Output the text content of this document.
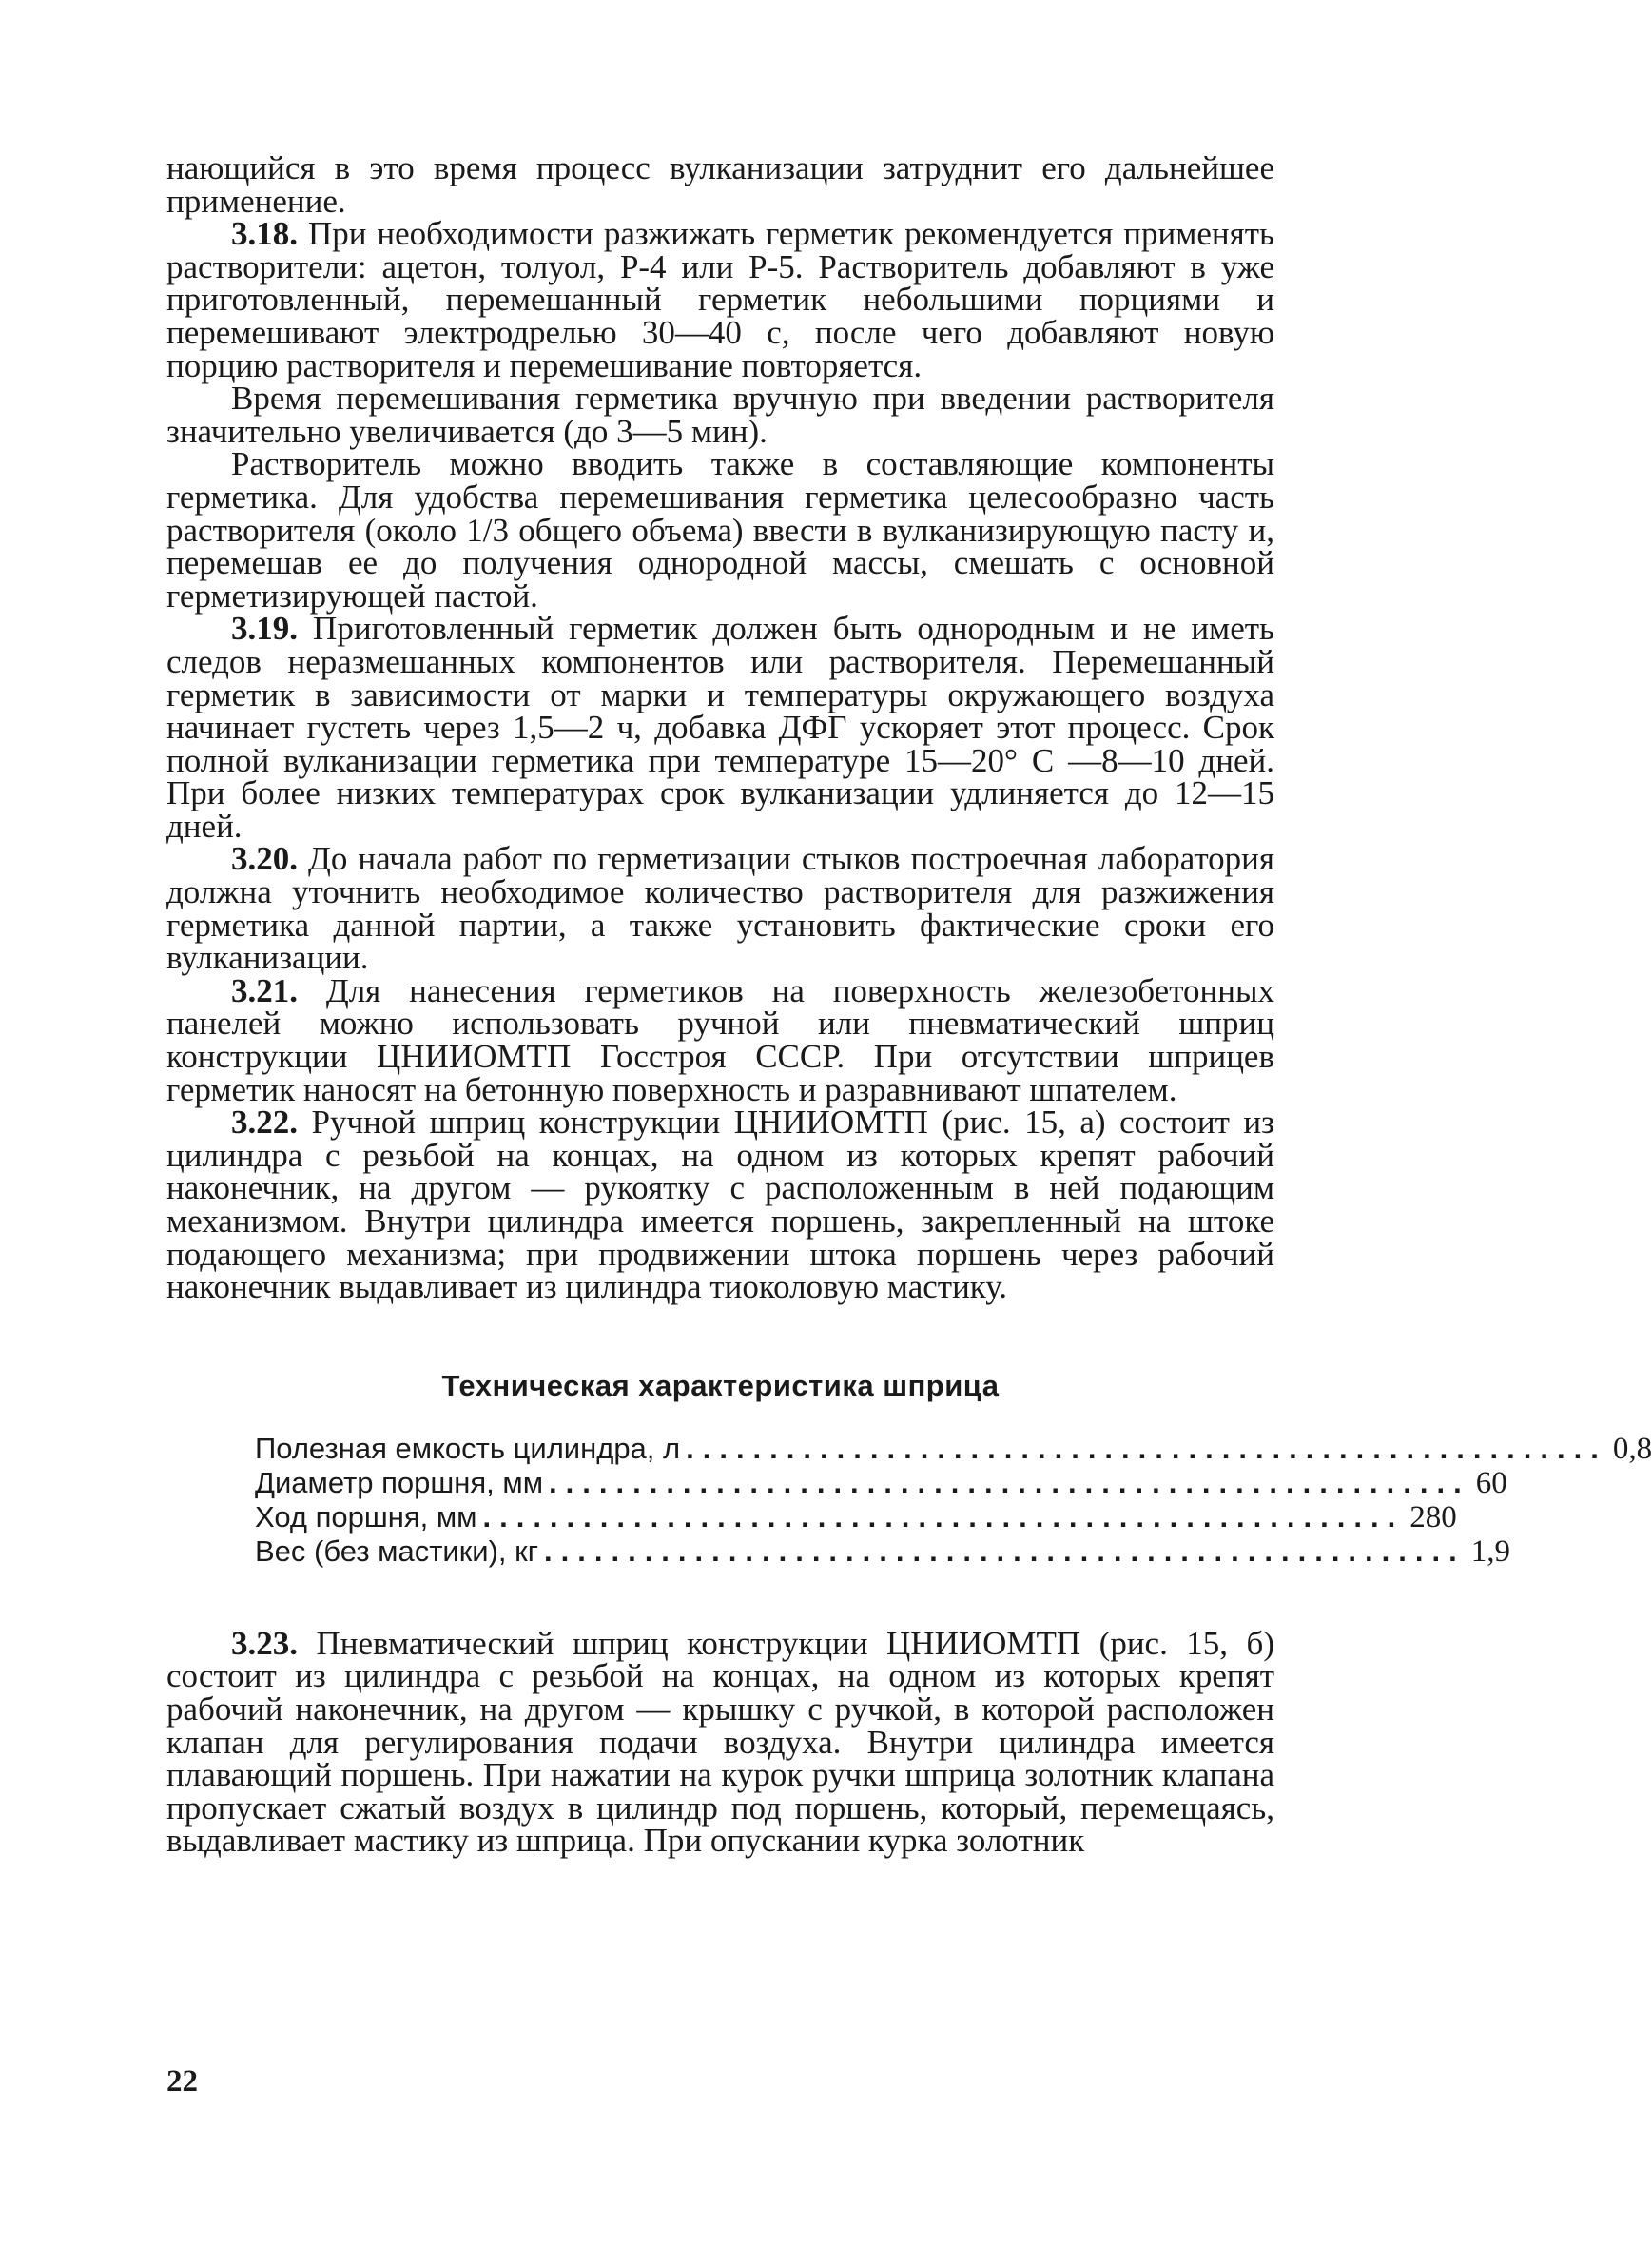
нающийся в это время процесс вулканизации затруднит его дальнейшее применение.

3.18. При необходимости разжижать герметик рекомендуется применять растворители: ацетон, толуол, Р-4 или Р-5. Растворитель добавляют в уже приготовленный, перемешанный герметик небольшими порциями и перемешивают электродрелью 30—40 с, после чего добавляют новую порцию растворителя и перемешивание повторяется.

Время перемешивания герметика вручную при введении растворителя значительно увеличивается (до 3—5 мин).

Растворитель можно вводить также в составляющие компоненты герметика. Для удобства перемешивания герметика целесообразно часть растворителя (около 1/3 общего объема) ввести в вулканизирующую пасту и, перемешав ее до получения однородной массы, смешать с основной герметизирующей пастой.

3.19. Приготовленный герметик должен быть однородным и не иметь следов неразмешанных компонентов или растворителя. Перемешанный герметик в зависимости от марки и температуры окружающего воздуха начинает густеть через 1,5—2 ч, добавка ДФГ ускоряет этот процесс. Срок полной вулканизации герметика при температуре 15—20° С —8—10 дней. При более низких температурах срок вулканизации удлиняется до 12—15 дней.

3.20. До начала работ по герметизации стыков построечная лаборатория должна уточнить необходимое количество растворителя для разжижения герметика данной партии, а также установить фактические сроки его вулканизации.

3.21. Для нанесения герметиков на поверхность железобетонных панелей можно использовать ручной или пневматический шприц конструкции ЦНИИОМТП Госстроя СССР. При отсутствии шприцев герметик наносят на бетонную поверхность и разравнивают шпателем.

3.22. Ручной шприц конструкции ЦНИИОМТП (рис. 15, а) состоит из цилиндра с резьбой на концах, на одном из которых крепят рабочий наконечник, на другом — рукоятку с расположенным в ней подающим механизмом. Внутри цилиндра имеется поршень, закрепленный на штоке подающего механизма; при продвижении штока поршень через рабочий наконечник выдавливает из цилиндра тиоколовую мастику.

Техническая характеристика шприца
Полезная емкость цилиндра, л ....................................................... 0,8
Диаметр поршня, мм ....................................................... 60
Ход поршня, мм ....................................................... 280
Вес (без мастики), кг ....................................................... 1,9

3.23. Пневматический шприц конструкции ЦНИИОМТП (рис. 15, б) состоит из цилиндра с резьбой на концах, на одном из которых крепят рабочий наконечник, на другом — крышку с ручкой, в которой расположен клапан для регулирования подачи воздуха. Внутри цилиндра имеется плавающий поршень. При нажатии на курок ручки шприца золотник клапана пропускает сжатый воздух в цилиндр под поршень, который, перемещаясь, выдавливает мастику из шприца. При опускании курка золотник

22
